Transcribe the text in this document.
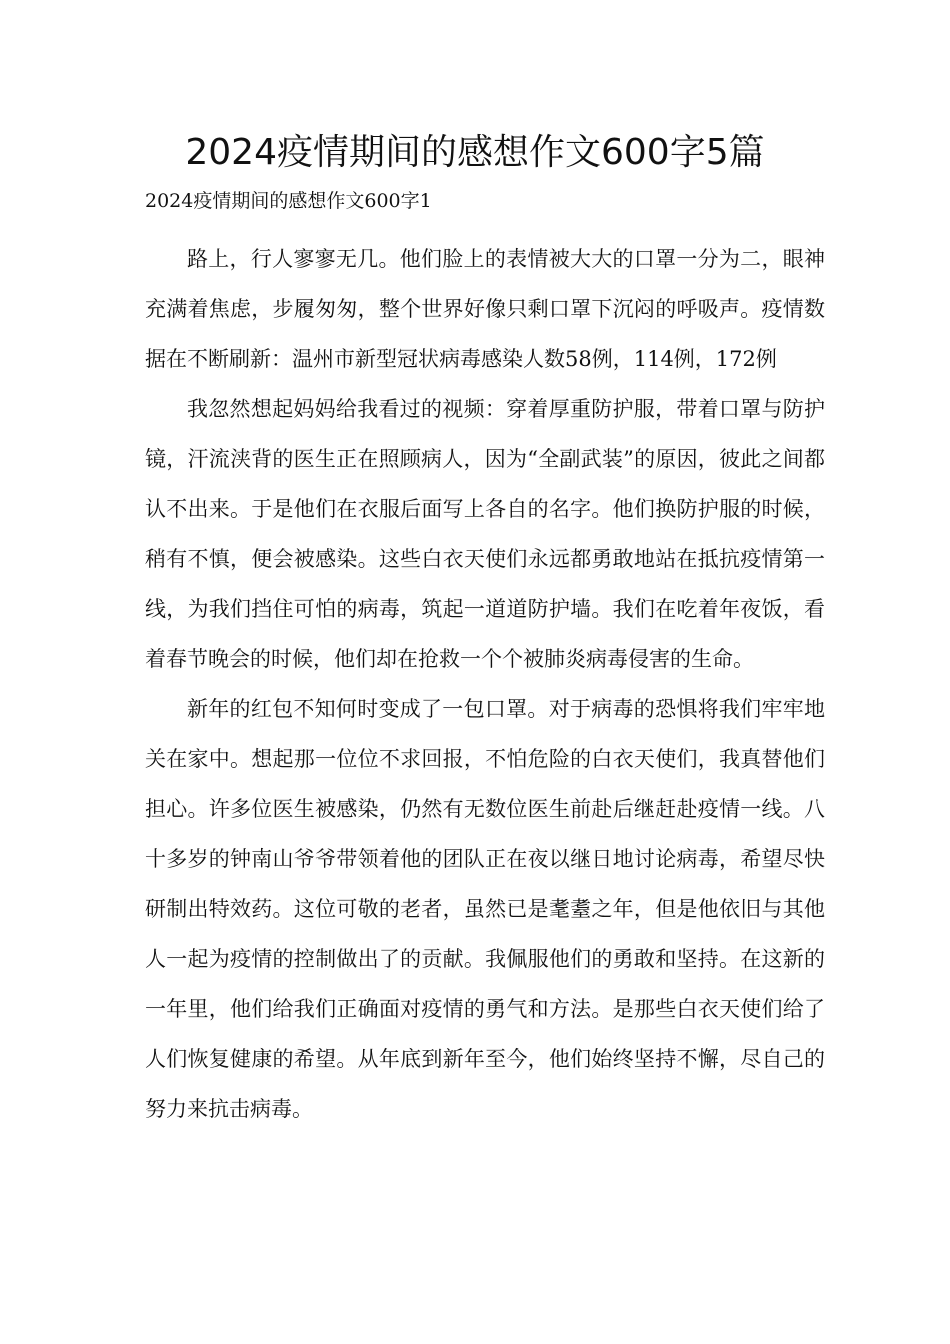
2024疫情期间的感想作文600字5篇
2024疫情期间的感想作文600字1

路上，行人寥寥无几。他们脸上的表情被大大的口罩一分为二，眼神充满着焦虑，步履匆匆，整个世界好像只剩口罩下沉闷的呼吸声。疫情数据在不断刷新：温州市新型冠状病毒感染人数58例，114例，172例

我忽然想起妈妈给我看过的视频：穿着厚重防护服，带着口罩与防护镜，汗流浃背的医生正在照顾病人，因为“全副武装”的原因，彼此之间都认不出来。于是他们在衣服后面写上各自的名字。他们换防护服的时候，稍有不慎，便会被感染。这些白衣天使们永远都勇敢地站在抵抗疫情第一线，为我们挡住可怕的病毒，筑起一道道防护墙。我们在吃着年夜饭，看着春节晚会的时候，他们却在抢救一个个被肺炎病毒侵害的生命。

新年的红包不知何时变成了一包口罩。对于病毒的恐惧将我们牢牢地关在家中。想起那一位位不求回报，不怕危险的白衣天使们，我真替他们担心。许多位医生被感染，仍然有无数位医生前赴后继赶赴疫情一线。八十多岁的钟南山爷爷带领着他的团队正在夜以继日地讨论病毒，希望尽快研制出特效药。这位可敬的老者，虽然已是耄耋之年，但是他依旧与其他人一起为疫情的控制做出了的贡献。我佩服他们的勇敢和坚持。在这新的一年里，他们给我们正确面对疫情的勇气和方法。是那些白衣天使们给了人们恢复健康的希望。从年底到新年至今，他们始终坚持不懈，尽自己的努力来抗击病毒。
